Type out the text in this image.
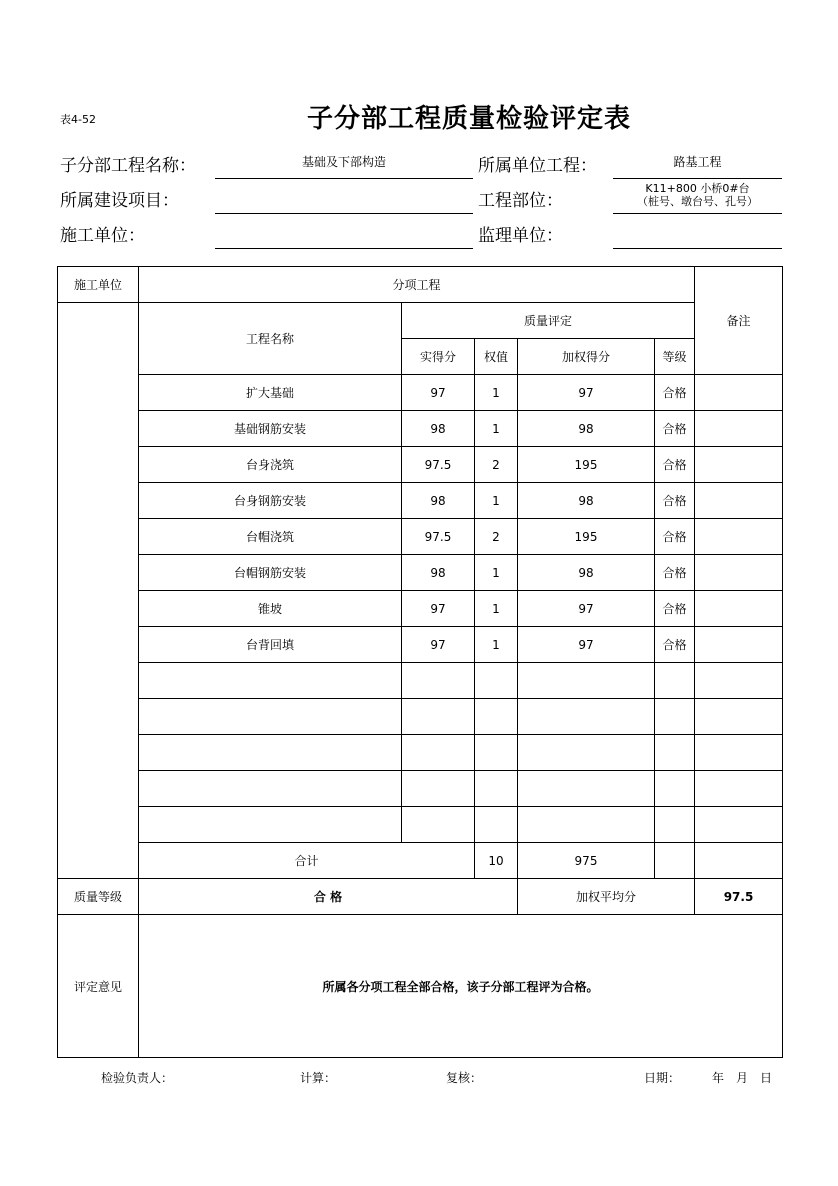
表4-52	子分部工程质量检验评定表
子分部工程名称：	基础及下部构造	所属单位工程：	路基工程
所属建设项目：	工程部位：
K11+800 小桥0#台
（桩号、墩台号、孔号）
施工单位：	监理单位：
施工单位	分项工程					备注
	工程名称	质量评定				
		实得分	权值	加权得分	等级	
	扩大基础	97	1	97	合格	
	基础钢筋安装	98	1	98	合格	
	台身浇筑	97.5	2	195	合格	
	台身钢筋安装	98	1	98	合格	
	台帽浇筑	97.5	2	195	合格	
	台帽钢筋安装	98	1	98	合格	
	锥坡	97	1	97	合格	
	台背回填	97	1	97	合格	

	合计		10	975		
质量等级	合 格			加权平均分		97.5
评定意见	所属各分项工程全部合格，该子分部工程评为合格。					
检验负责人：	计算：	复核：	日期：	年　月　日
